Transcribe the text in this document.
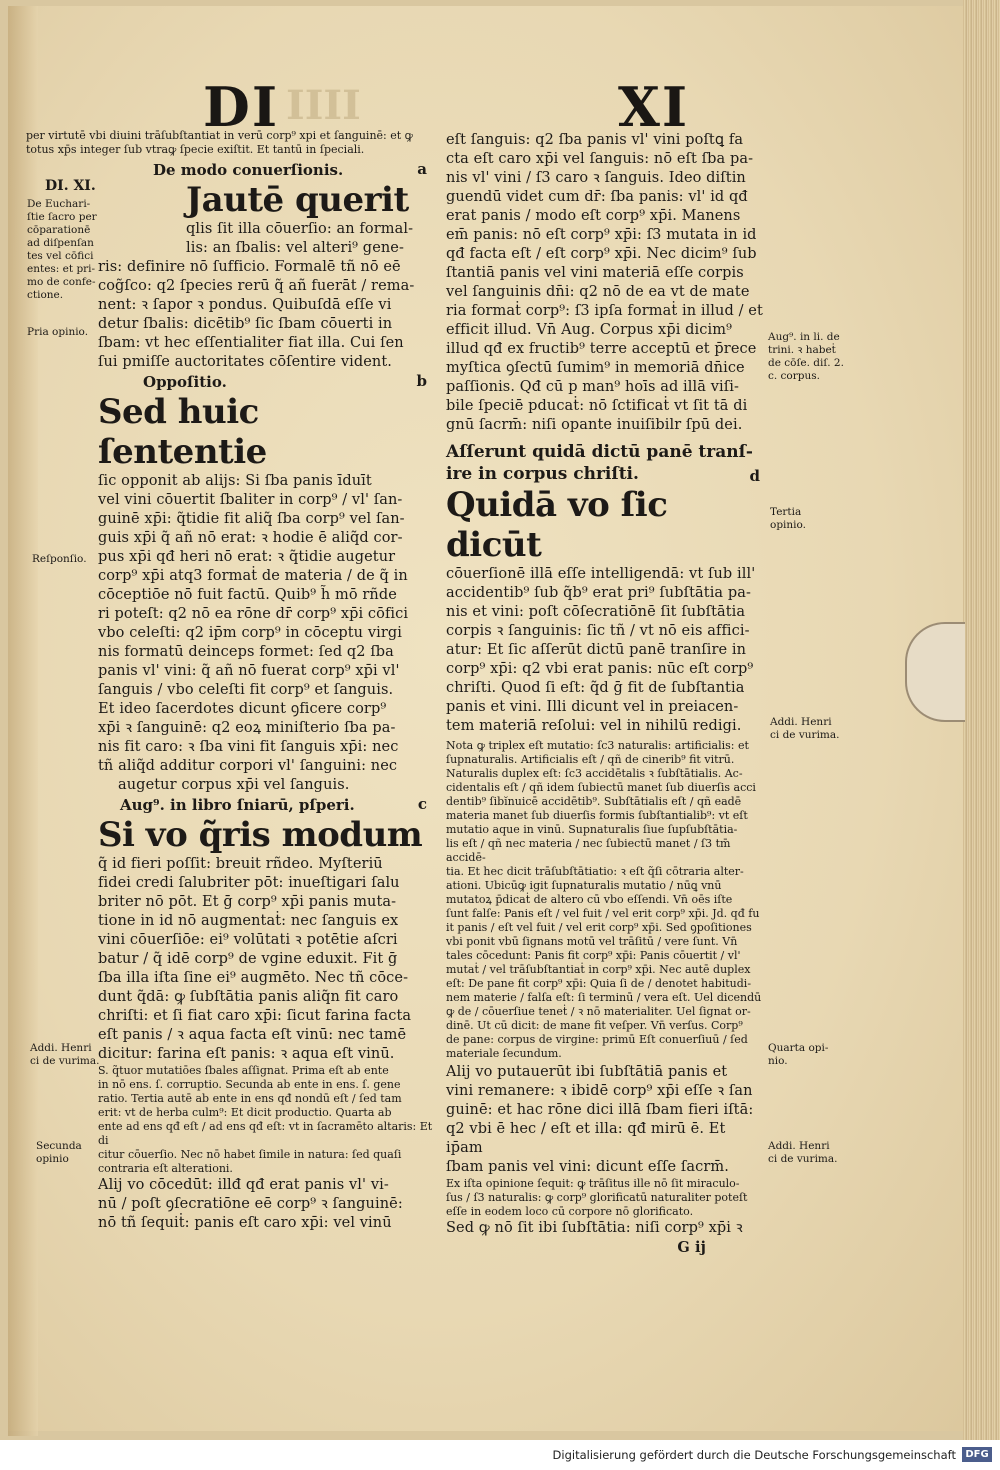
DI IIII	XI

per virtutē vbi diuini trāſubſtantiat in verū corp⁹ xpi et ſanguinē: et ꝙ

totus xp̄s integer ſub vtraꝙ ſpecie exiſtit. Et tantū in ſpeciali.

DI. XI.

De Euchari-

ſtie ſacro per

cōparationē

ad diſpenſan

tes vel cōfici

entes: et pri-

mo de confe-

ctione.

Pria opinio.
Reſponſio.

Addi. Henri

ci de vurima.

Secunda

opinio

De modo conuerſionis.	a
Jautē querit

qlis ſit illa cōuerſio: an formal-

lis: an ſbalis: vel alteri⁹ gene-

ris: definire nō ſufficio. Formalē tñ nō eē

cog̃ſco: q2 ſpecies rerū q̃ añ fuerāt / rema-

nent: ꝛ ſapor ꝛ pondus. Quibuſdā eſſe vi

detur ſbalis: dicētib⁹ ſic ſbam cōuerti in

ſbam: vt hec eſſentialiter fiat illa. Cui ſen

ſui pmiſſe auctoritates cōſentire vident.

Oppoſitio.	b
Sed huic ſententie

ſic opponit ab alijs: Si ſba panis īduīt

vel vini cōuertit ſbaliter in corp⁹ / vl' ſan-

guinē xp̄i: q̃tidie fit aliq̃ ſba corp⁹ vel ſan-

guis xp̄i q̃ añ nō erat: ꝛ hodie ē aliq̃d cor-

pus xp̄i qđ heri nō erat: ꝛ q̃tidie augetur

corp⁹ xp̄i atq3 formaṫ de materia / de q̃ in

cōceptiōe nō fuit factū. Quib⁹ h̃ mō rñde

ri poteſt: q2 nō ea rōne dr̄ corp⁹ xp̄i cōfici

vbo celeſti: q2 ip̄m corp⁹ in cōceptu virgi

nis formatū deinceps formet: ſed q2 ſba

panis vl' vini: q̃ añ nō fuerat corp⁹ xp̄i vl'

ſanguis / vbo celeſti fit corp⁹ et ſanguis.

Et ideo ſacerdotes dicunt ꝯficere corp⁹

xp̄i ꝛ ſanguinē: q2 eoꝝ miniſterio ſba pa-

nis fit caro: ꝛ ſba vini fit ſanguis xp̄i: nec

tñ aliq̃d additur corpori vl' ſanguini: nec

augetur corpus xp̄i vel ſanguis.

Aug⁹. in libro ſniarū, pſperi.	c
Si vo q̃ris modum

q̃ id fieri poſſit: breuit rñdeo. Myſteriū

fidei credi ſalubriter pōt: inueſtigari ſalu

briter nō pōt. Et ḡ corp⁹ xp̄i panis muta-

tione in id nō augmentaṫ: nec ſanguis ex

vini cōuerſiōe: ei⁹ volūtati ꝛ potētie aſcri

batur / q̃ idē corp⁹ de vgine eduxit. Fit ḡ

ſba illa iſta ſine ei⁹ augmēto. Nec tñ cōce-

dunt q̃dā: ꝙ ſubſtātia panis aliq̃n fit caro

chriſti: et ſi fiat caro xp̄i: ſicut farina facta

eſt panis / ꝛ aqua facta eſt vinū: nec tamē

dicitur: farina eſt panis: ꝛ aqua eſt vinū.

S. q̃tuor mutatiōes ſbales aſſignat. Prima eſt ab ente

in nō ens. ſ. corruptio. Secunda ab ente in ens. ſ. gene

ratio. Tertia autē ab ente in ens qđ nondū eſt / ſed tam

erit: vt de herba culm⁹: Et dicit productio. Quarta ab

ente ad ens qđ eſt / ad ens qđ eſt: vt in ſacramēto altaris: Et di

citur cōuerſio. Nec nō habet ſimile in natura: ſed quaſi

contraria eſt alterationi.

Alij vo cōcedūt: illđ qđ erat panis vl' vi-

nū / poſt ꝯſecratiōne eē corp⁹ ꝛ ſanguinē:

nō tñ ſequiṫ: panis eſt caro xp̄i: vel vinū

eſt ſanguis: q2 ſba panis vl' vini poſtꝗ fa

cta eſt caro xp̄i vel ſanguis: nō eſt ſba pa-

nis vl' vini / ſ3 caro ꝛ ſanguis. Ideo diſtin

guendū videt cum dr̄: ſba panis: vl' id qđ

erat panis / modo eſt corp⁹ xp̄i. Manens

em̄ panis: nō eſt corp⁹ xp̄i: ſ3 mutata in id

qđ facta eſt / eſt corp⁹ xp̄i. Nec dicim⁹ ſub

ſtantiā panis vel vini materiā eſſe corpis

vel ſanguinis dn̄i: q2 nō de ea vt de mate

ria formaṫ corp⁹: ſ3 ipſa formaṫ in illud / et

efficit illud. Vn̄ Aug. Corpus xp̄i dicim⁹

illud qđ ex fructib⁹ terre acceptū et p̄rece

myſtica ꝯſectū ſumim⁹ in memoriā dn̄ice

paſſionis. Qđ cū p man⁹ hoīs ad illā viſi-

bile ſpeciē pducaṫ: nō ſctificaṫ vt ſit tā di

gnū ſacrm̄: niſi opante inuiſibilr ſpū dei.

Aſſerunt quidā dictū panē tranſ-

ire in corpus chriſti.	d
Quidā vo ſic dicūt

cōuerſionē illā eſſe intelligendā: vt ſub ill'

accidentib⁹ ſub q̃b⁹ erat pri⁹ ſubſtātia pa-

nis et vini: poſt cōſecratiōnē ſit ſubſtātia

corpis ꝛ ſanguinis: ſic tñ / vt nō eis affici-

atur: Et ſic aſſerūt dictū panē tranſire in

corp⁹ xp̄i: q2 vbi erat panis: nūc eſt corp⁹

chriſti. Quod ſi eſt: q̃d ḡ fit de ſubſtantia

panis et vini. Illi dicunt vel in preiacen-

tem materiā reſolui: vel in nihilū redigi.

Nota ꝙ triplex eſt mutatio: ſc3 naturalis: artificialis: et

ſupnaturalis. Artificialis eſt / qñ de cinerib⁹ fit vitrū.

Naturalis duplex eſt: ſc3 accidētalis ꝛ ſubſtātialis. Ac-

cidentalis eſt / qñ idem ſubiectū manet ſub diuerſis acci

dentib⁹ ſibĭnuicē accidētib⁹. Subſtātialis eſt / qñ eadē

materia manet ſub diuerſis formis ſubſtantialib⁹: vt eſt

mutatio aque in vinū. Supnaturalis ſiue ſupſubſtātia-

lis eſt / qñ nec materia / nec ſubiectū manet / ſ3 tm̄ accidē-

tia. Et hec dicit trāſubſtātiatio: ꝛ eſt q̃ſi cōtraria alter-

ationi. Ubicūꝙ igit ſupnaturalis mutatio / nūꝗ vnū

mutatoꝝ p̄dicaṫ de altero cū vbo eſſendi. Vn̄ oēs iſte

ſunt falſe: Panis eſt / vel fuit / vel erit corp⁹ xp̄i. Jd. qđ fu

it panis / eſt vel fuit / vel erit corp⁹ xp̄i. Sed ꝯpoſitiones

vbi ponit vbū ſignans motū vel trāſitū / vere ſunt. Vn̄

tales cōcedunt: Panis fit corp⁹ xp̄i: Panis cōuertit / vl'

mutaṫ / vel trāſubſtantiaṫ in corp⁹ xp̄i. Nec autē duplex

eſt: De pane fit corp⁹ xp̄i: Quia ſi de / denotet habitudi-

nem materie / falſa eſt: ſi terminū / vera eſt. Uel dicendū

ꝙ de / cōuerſiue teneṫ / ꝛ nō materialiter. Uel ſignat or-

dinē. Ut cū dicit: de mane fit veſper. Vn̄ verſus. Corp⁹

de pane: corpus de virgine: primū Eſt conuerſiuū / ſed

materiale ſecundum.

Alij vo putauerūt ibi ſubſtātiā panis et

vini remanere: ꝛ ibidē corp⁹ xp̄i eſſe ꝛ ſan

guinē: et hac rōne dici illā ſbam fieri iſtā:

q2 vbi ē hec / eſt et illa: qđ mirū ē. Et ip̄am

ſbam panis vel vini: dicunt eſſe ſacrm̄.

Ex iſta opinione ſequit: ꝙ trāſitus ille nō ſit miraculo-

ſus / ſ3 naturalis: ꝙ corp⁹ glorificatū naturaliter poteſt

eſſe in eodem loco cū corpore nō glorificato.

Sed ꝙ nō ſit ibi ſubſtātia: niſi corp⁹ xp̄i ꝛ

G ij

Aug⁹. in li. de

trini. ꝛ habeṫ

de cōſe. diſ. 2.

c. corpus.

Tertia

opinio.

Addi. Henri

ci de vurima.

Quarta opi-

nio.

Addi. Henri

ci de vurima.

Digitalisierung gefördert durch die Deutsche Forschungsgemeinschaft DFG
